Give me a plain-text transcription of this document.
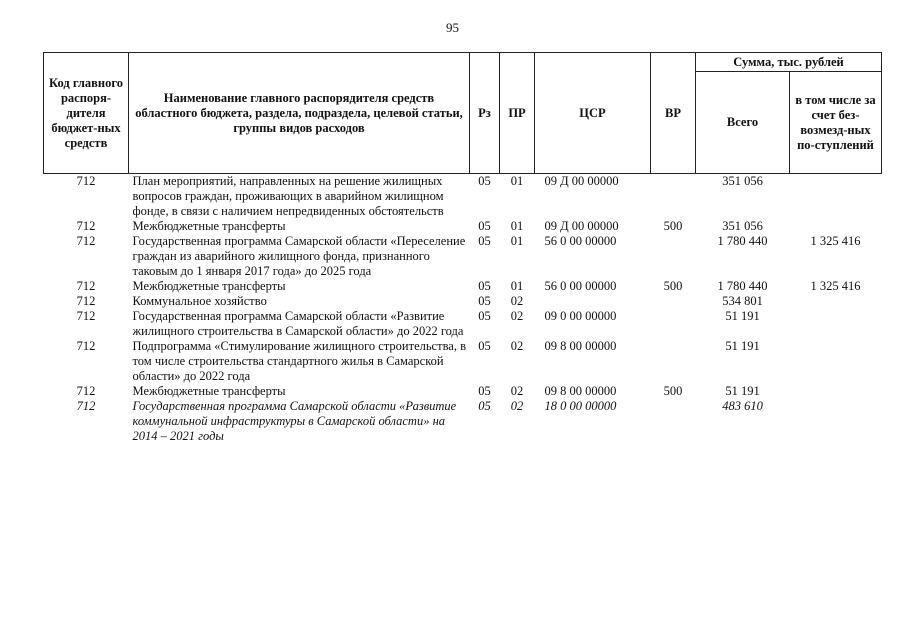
95
Код главного распоря-дителя бюджет-ных средств	Наименование главного распорядителя средств областного бюджета, раздела, подраздела, целевой статьи, группы видов расходов	Рз	ПР	ЦСР	ВР	Сумма, тыс. рублей	
						Всего	в том числе за счет без-возмезд-ных по-ступлений
712	План мероприятий, направленных на решение жилищных вопросов граждан, проживающих в аварийном жилищном фонде, в связи с наличием непредвиденных обстоятельств	05	01	09 Д 00 00000		351 056	
712	Межбюджетные трансферты	05	01	09 Д 00 00000	500	351 056	
712	Государственная программа Самарской области «Переселение граждан из аварийного жилищного фонда, признанного таковым до 1 января 2017 года» до 2025 года	05	01	56 0 00 00000		1 780 440	1 325 416
712	Межбюджетные трансферты	05	01	56 0 00 00000	500	1 780 440	1 325 416
712	Коммунальное хозяйство	05	02			534 801	
712	Государственная программа Самарской области «Развитие жилищного строительства в Самарской области» до 2022 года	05	02	09 0 00 00000		51 191	
712	Подпрограмма «Стимулирование жилищного строительства, в том числе строительства стандартного жилья в Самарской области» до 2022 года	05	02	09 8 00 00000		51 191	
712	Межбюджетные трансферты	05	02	09 8 00 00000	500	51 191	
712	Государственная программа Самарской области «Развитие коммунальной инфраструктуры в Самарской области» на 2014 – 2021 годы	05	02	18 0 00 00000		483 610	
